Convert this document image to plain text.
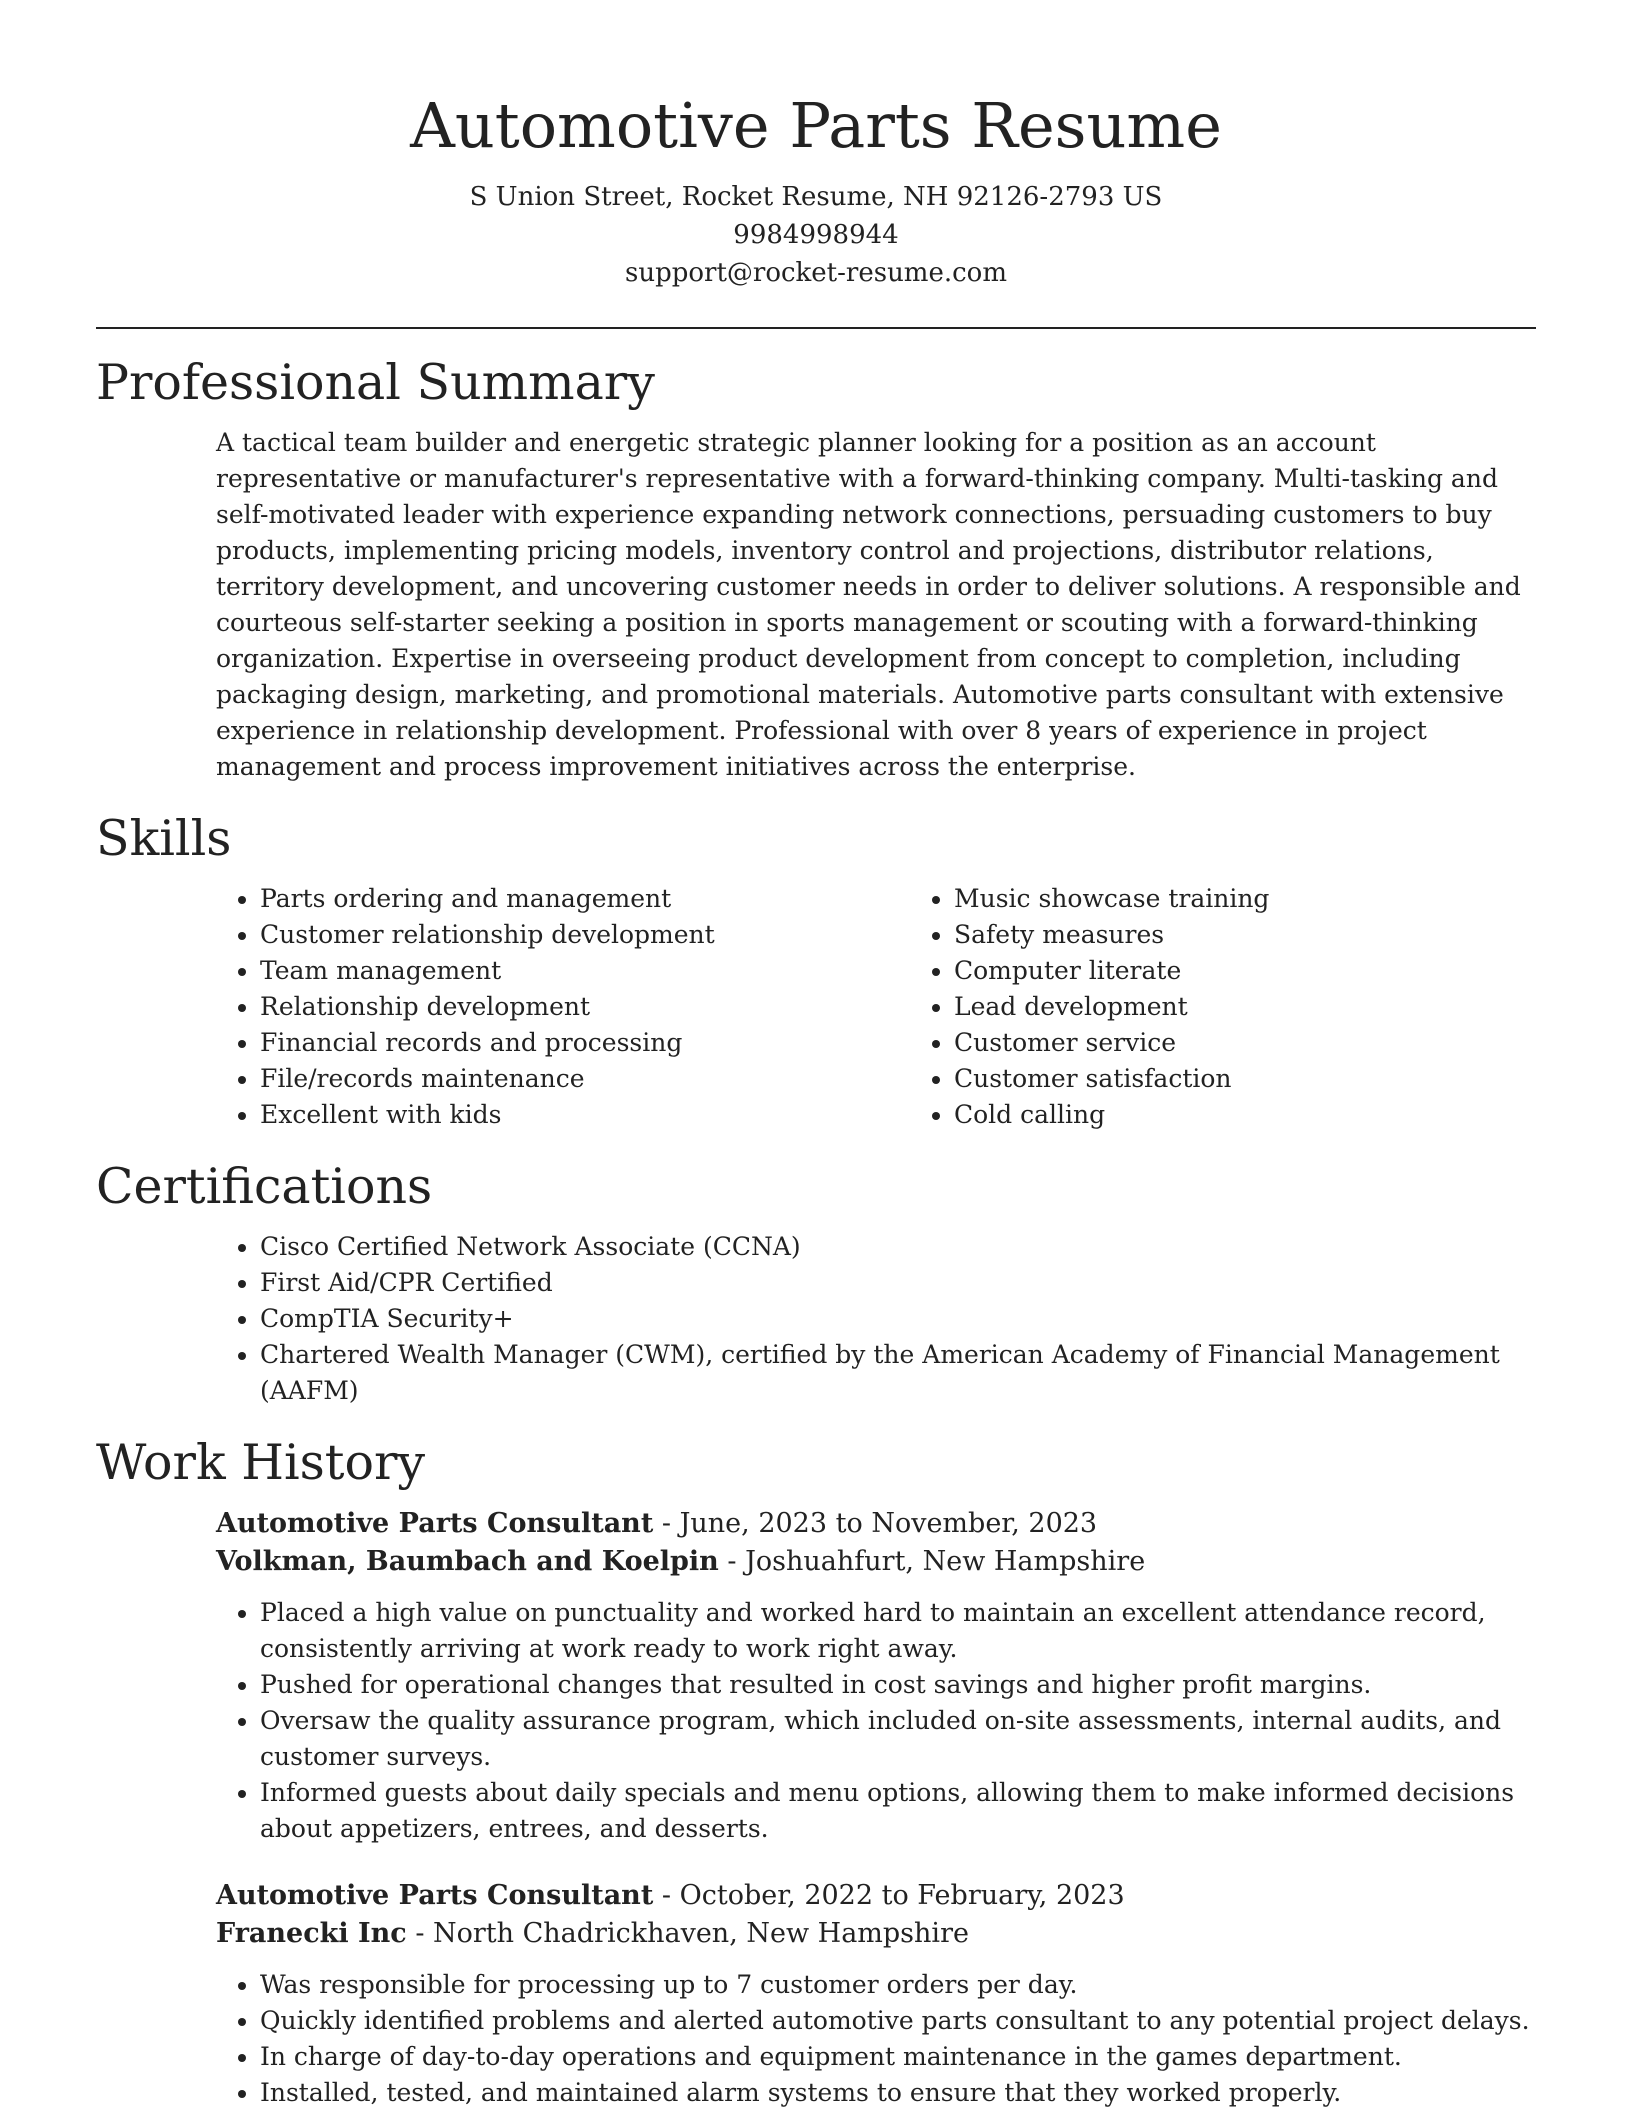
Automotive Parts Resume
S Union Street, Rocket Resume, NH 92126-2793 US
9984998944
support@rocket-resume.com
Professional Summary

A tactical team builder and energetic strategic planner looking for a position as an account representative or manufacturer's representative with a forward-thinking company. Multi-tasking and self-motivated leader with experience expanding network connections, persuading customers to buy products, implementing pricing models, inventory control and projections, distributor relations, territory development, and uncovering customer needs in order to deliver solutions. A responsible and courteous self-starter seeking a position in sports management or scouting with a forward-thinking organization. Expertise in overseeing product development from concept to completion, including packaging design, marketing, and promotional materials. Automotive parts consultant with extensive experience in relationship development. Professional with over 8 years of experience in project management and process improvement initiatives across the enterprise.

Skills
• Parts ordering and management
• Customer relationship development
• Team management
• Relationship development
• Financial records and processing
• File/records maintenance
• Excellent with kids
• Music showcase training
• Safety measures
• Computer literate
• Lead development
• Customer service
• Customer satisfaction
• Cold calling
Certifications
• Cisco Certified Network Associate (CCNA)
• First Aid/CPR Certified
• CompTIA Security+
• Chartered Wealth Manager (CWM), certified by the American Academy of Financial Management (AAFM)
Work History
Automotive Parts Consultant - June, 2023 to November, 2023
Volkman, Baumbach and Koelpin - Joshuahfurt, New Hampshire
• Placed a high value on punctuality and worked hard to maintain an excellent attendance record, consistently arriving at work ready to work right away.
• Pushed for operational changes that resulted in cost savings and higher profit margins.
• Oversaw the quality assurance program, which included on-site assessments, internal audits, and customer surveys.
• Informed guests about daily specials and menu options, allowing them to make informed decisions about appetizers, entrees, and desserts.
Automotive Parts Consultant - October, 2022 to February, 2023
Franecki Inc - North Chadrickhaven, New Hampshire
• Was responsible for processing up to 7 customer orders per day.
• Quickly identified problems and alerted automotive parts consultant to any potential project delays.
• In charge of day-to-day operations and equipment maintenance in the games department.
• Installed, tested, and maintained alarm systems to ensure that they worked properly.
